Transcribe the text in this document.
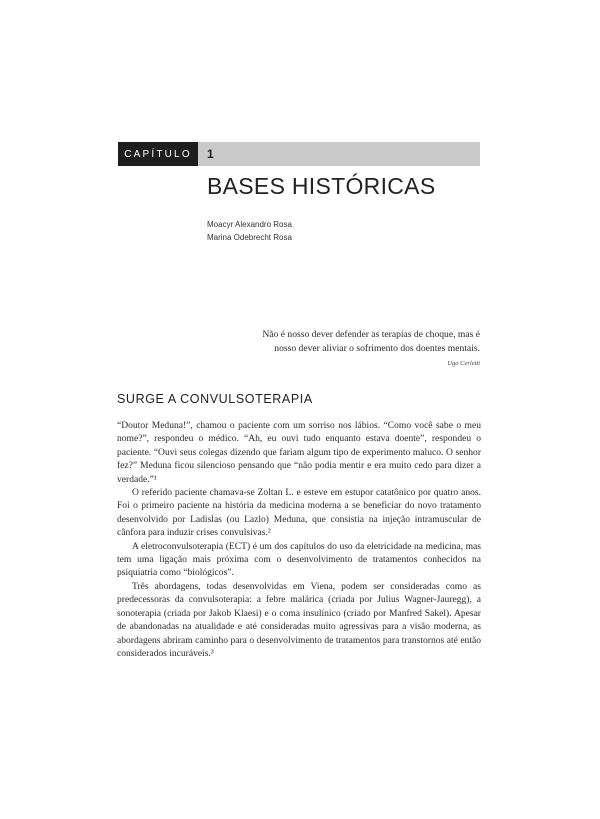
CAPÍTULO	1
BASES HISTÓRICAS
Moacyr Alexandro Rosa
Marina Odebrecht Rosa
Não é nosso dever defender as terapias de choque, mas é
nosso dever aliviar o sofrimento dos doentes mentais.
Ugo Cerletti
SURGE A CONVULSOTERAPIA

“Doutor Meduna!”, chamou o paciente com um sorriso nos lábios. “Como você sabe o meu nome?”, respondeu o médico. “Ah, eu ouvi tudo enquanto estava doente”, respondeu o paciente. “Ouvi seus colegas dizendo que fariam algum tipo de experimento maluco. O senhor fez?” Meduna ficou silencioso pensando que “não podia mentir e era muito cedo para dizer a verdade.”¹

O referido paciente chamava-se Zoltan L. e esteve em estupor catatônico por quatro anos. Foi o primeiro paciente na história da medicina moderna a se beneficiar do novo tratamento desenvolvido por Ladislas (ou Lazlo) Meduna, que consistia na injeção intramuscular de cânfora para induzir crises convulsivas.²

A eletroconvulsoterapia (ECT) é um dos capítulos do uso da eletricidade na medicina, mas tem uma ligação mais próxima com o desenvolvimento de tratamentos conhecidos na psiquiatria como “biológicos”.

Três abordagens, todas desenvolvidas em Viena, podem ser consideradas como as predecessoras da convulsoterapia: a febre malárica (criada por Julius Wagner-Jauregg), a sonoterapia (criada por Jakob Klaesi) e o coma insulínico (criado por Manfred Sakel). Apesar de abandonadas na atualidade e até consideradas muito agressivas para a visão moderna, as abordagens abriram caminho para o desenvolvimento de tratamentos para transtornos até então considerados incuráveis.³
